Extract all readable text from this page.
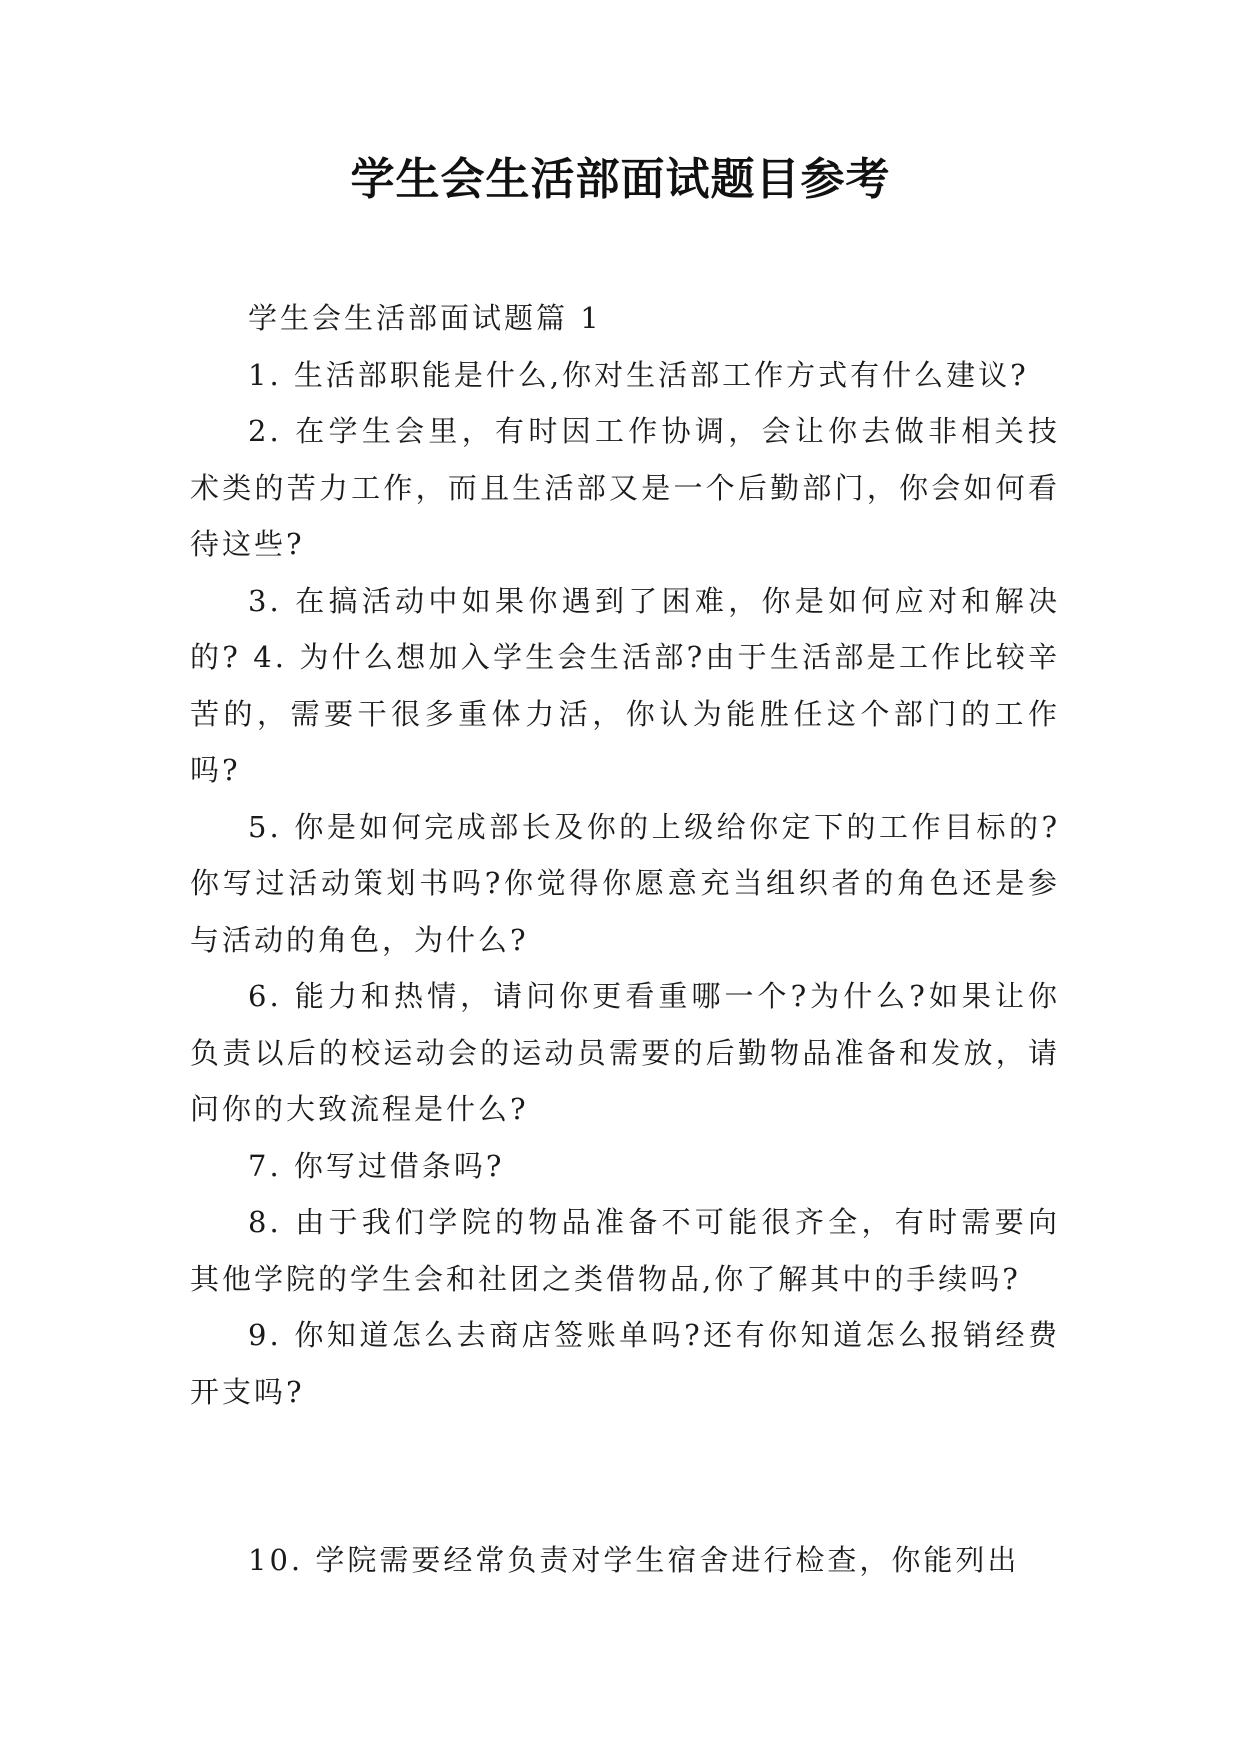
学生会生活部面试题目参考

学生会生活部面试题篇 1

1. 生活部职能是什么,你对生活部工作方式有什么建议?

2. 在学生会里，有时因工作协调，会让你去做非相关技术类的苦力工作，而且生活部又是一个后勤部门，你会如何看待这些?

3. 在搞活动中如果你遇到了困难，你是如何应对和解决的? 4. 为什么想加入学生会生活部?由于生活部是工作比较辛苦的，需要干很多重体力活，你认为能胜任这个部门的工作吗?

5. 你是如何完成部长及你的上级给你定下的工作目标的?你写过活动策划书吗?你觉得你愿意充当组织者的角色还是参与活动的角色，为什么?

6. 能力和热情，请问你更看重哪一个?为什么?如果让你负责以后的校运动会的运动员需要的后勤物品准备和发放，请问你的大致流程是什么?

7. 你写过借条吗?

8. 由于我们学院的物品准备不可能很齐全，有时需要向其他学院的学生会和社团之类借物品,你了解其中的手续吗?

9. 你知道怎么去商店签账单吗?还有你知道怎么报销经费开支吗?

10. 学院需要经常负责对学生宿舍进行检查，你能列出
